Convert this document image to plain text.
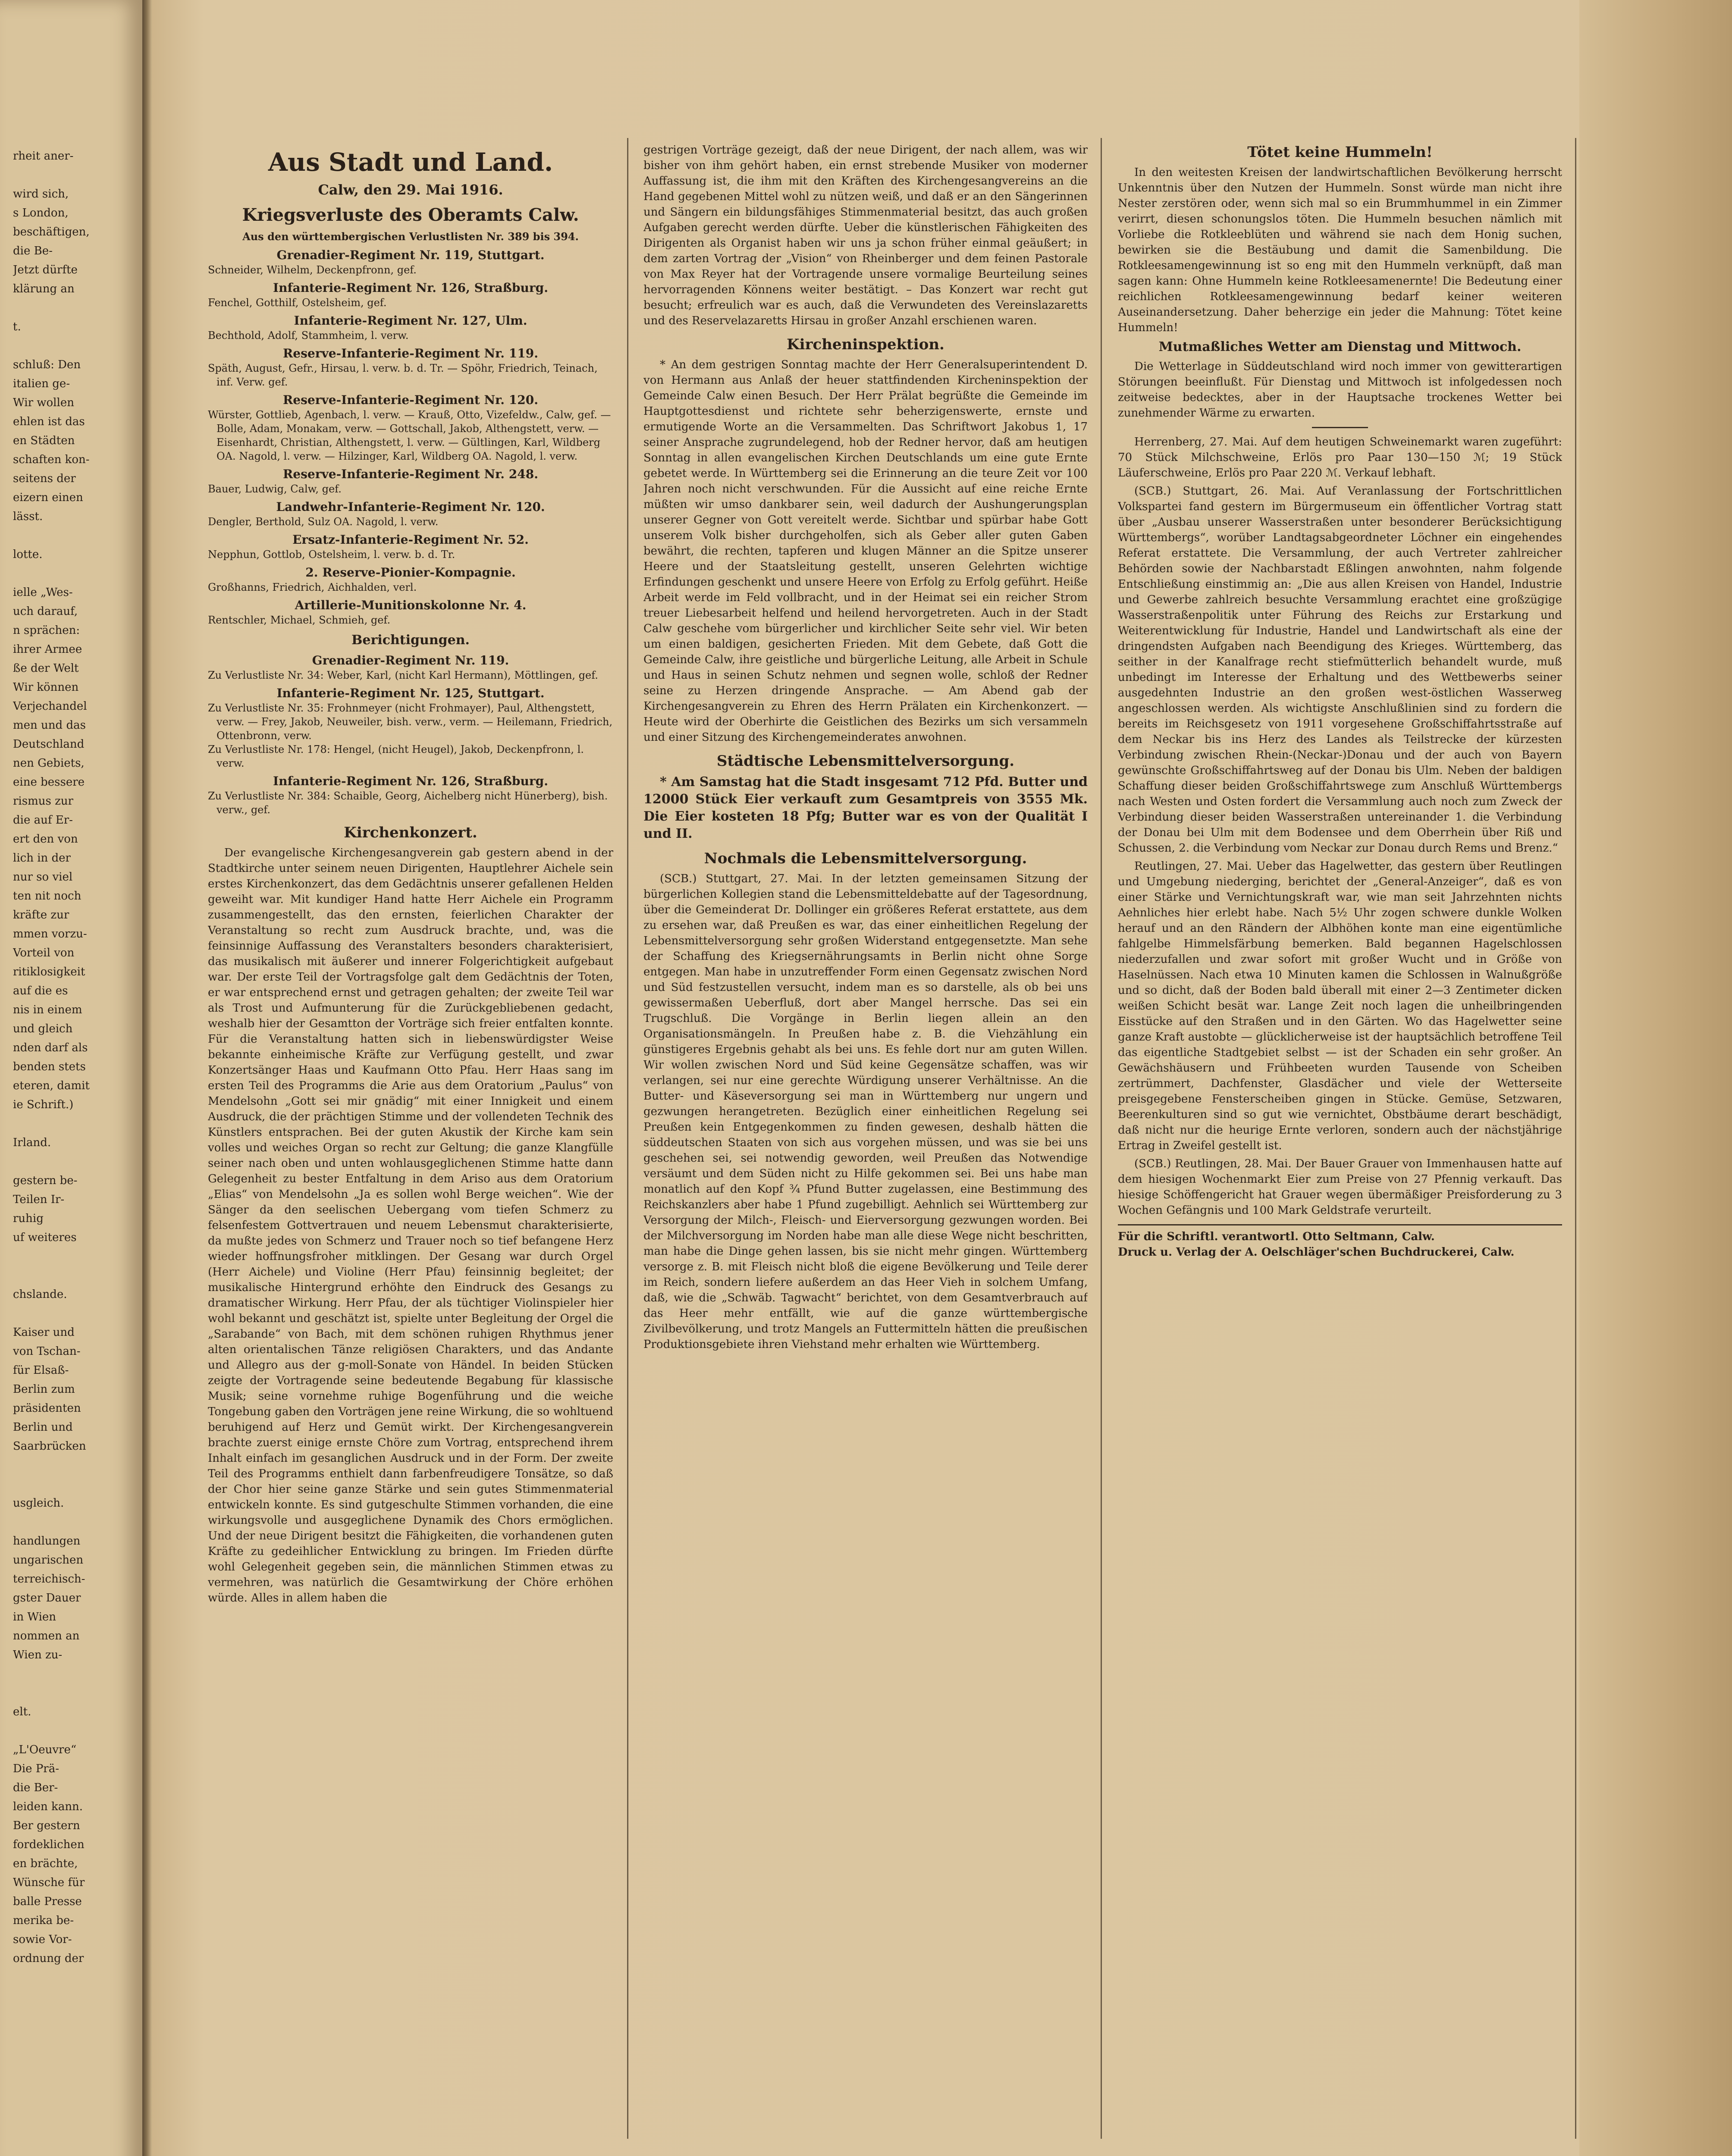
rheit aner-

wird sich,
s London,
beschäftigen,
die Be-
Jetzt dürfte
klärung an

t.

schluß: Den
italien ge-
Wir wollen
ehlen ist das
en Städten
schaften kon-
seitens der
eizern einen
lässt.

lotte.

ielle „Wes-
uch darauf,
n sprächen:
ihrer Armee
ße der Welt
Wir können
Verjechandel
men und das
Deutschland
nen Gebiets,
eine bessere
rismus zur
die auf Er-
ert den von
lich in der
nur so viel
ten nit noch
kräfte zur
mmen vorzu-
Vorteil von
ritiklosigkeit
auf die es
nis in einem
und gleich
nden darf als
benden stets
eteren, damit
ie Schrift.)

Irland.

gestern be-
Teilen Ir-
ruhig
uf weiteres

chslande.

Kaiser und
von Tschan-
für Elsaß-
Berlin zum
präsidenten
Berlin und
Saarbrücken

usgleich.

handlungen
ungarischen
terreichisch-
gster Dauer
in Wien
nommen an
Wien zu-

elt.

„L'Oeuvre“
Die Prä-
die Ber-
leiden kann.
Ber gestern
fordeklichen
en brächte,
Wünsche für
balle Presse
merika be-
sowie Vor-
ordnung der
Aus Stadt und Land.
Calw, den 29. Mai 1916.
Kriegsverluste des Oberamts Calw.
Aus den württembergischen Verlustlisten Nr. 389 bis 394.
Grenadier-Regiment Nr. 119, Stuttgart.
Schneider, Wilhelm, Deckenpfronn, gef.
Infanterie-Regiment Nr. 126, Straßburg.
Fenchel, Gotthilf, Ostelsheim, gef.
Infanterie-Regiment Nr. 127, Ulm.
Bechthold, Adolf, Stammheim, l. verw.
Reserve-Infanterie-Regiment Nr. 119.
Späth, August, Gefr., Hirsau, l. verw. b. d. Tr. — Spöhr, Friedrich, Teinach, inf. Verw. gef.
Reserve-Infanterie-Regiment Nr. 120.
Würster, Gottlieb, Agenbach, l. verw. — Krauß, Otto, Vizefeldw., Calw, gef. — Bolle, Adam, Monakam, verw. — Gottschall, Jakob, Althengstett, verw. — Eisenhardt, Christian, Althengstett, l. verw. — Gültlingen, Karl, Wildberg OA. Nagold, l. verw. — Hilzinger, Karl, Wildberg OA. Nagold, l. verw.
Reserve-Infanterie-Regiment Nr. 248.
Bauer, Ludwig, Calw, gef.
Landwehr-Infanterie-Regiment Nr. 120.
Dengler, Berthold, Sulz OA. Nagold, l. verw.
Ersatz-Infanterie-Regiment Nr. 52.
Nepphun, Gottlob, Ostelsheim, l. verw. b. d. Tr.
2. Reserve-Pionier-Kompagnie.
Großhanns, Friedrich, Aichhalden, verl.
Artillerie-Munitionskolonne Nr. 4.
Rentschler, Michael, Schmieh, gef.
Berichtigungen.
Grenadier-Regiment Nr. 119.
Zu Verlustliste Nr. 34: Weber, Karl, (nicht Karl Hermann), Möttlingen, gef.
Infanterie-Regiment Nr. 125, Stuttgart.
Zu Verlustliste Nr. 35: Frohnmeyer (nicht Frohmayer), Paul, Althengstett, verw. — Frey, Jakob, Neuweiler, bish. verw., verm. — Heilemann, Friedrich, Ottenbronn, verw.
Zu Verlustliste Nr. 178: Hengel, (nicht Heugel), Jakob, Deckenpfronn, l. verw.
Infanterie-Regiment Nr. 126, Straßburg.
Zu Verlustliste Nr. 384: Schaible, Georg, Aichelberg nicht Hünerberg), bish. verw., gef.
Kirchenkonzert.

Der evangelische Kirchengesangverein gab gestern abend in der Stadtkirche unter seinem neuen Dirigenten, Hauptlehrer Aichele sein erstes Kirchenkonzert, das dem Gedächtnis unserer gefallenen Helden geweiht war. Mit kundiger Hand hatte Herr Aichele ein Programm zusammengestellt, das den ernsten, feierlichen Charakter der Veranstaltung so recht zum Ausdruck brachte, und, was die feinsinnige Auffassung des Veranstalters besonders charakterisiert, das musikalisch mit äußerer und innerer Folgerichtigkeit aufgebaut war. Der erste Teil der Vortragsfolge galt dem Gedächtnis der Toten, er war entsprechend ernst und getragen gehalten; der zweite Teil war als Trost und Aufmunterung für die Zurückgebliebenen gedacht, weshalb hier der Gesamtton der Vorträge sich freier entfalten konnte. Für die Veranstaltung hatten sich in liebenswürdigster Weise bekannte einheimische Kräfte zur Verfügung gestellt, und zwar Konzertsänger Haas und Kaufmann Otto Pfau. Herr Haas sang im ersten Teil des Programms die Arie aus dem Oratorium „Paulus“ von Mendelsohn „Gott sei mir gnädig“ mit einer Innigkeit und einem Ausdruck, die der prächtigen Stimme und der vollendeten Technik des Künstlers entsprachen. Bei der guten Akustik der Kirche kam sein volles und weiches Organ so recht zur Geltung; die ganze Klangfülle seiner nach oben und unten wohlausgeglichenen Stimme hatte dann Gelegenheit zu bester Entfaltung in dem Ariso aus dem Oratorium „Elias“ von Mendelsohn „Ja es sollen wohl Berge weichen“. Wie der Sänger da den seelischen Uebergang vom tiefen Schmerz zu felsenfestem Gottvertrauen und neuem Lebensmut charakterisierte, da mußte jedes von Schmerz und Trauer noch so tief befangene Herz wieder hoffnungsfroher mitklingen. Der Gesang war durch Orgel (Herr Aichele) und Violine (Herr Pfau) feinsinnig begleitet; der musikalische Hintergrund erhöhte den Eindruck des Gesangs zu dramatischer Wirkung. Herr Pfau, der als tüchtiger Violinspieler hier wohl bekannt und geschätzt ist, spielte unter Begleitung der Orgel die „Sarabande“ von Bach, mit dem schönen ruhigen Rhythmus jener alten orientalischen Tänze religiösen Charakters, und das Andante und Allegro aus der g-moll-Sonate von Händel. In beiden Stücken zeigte der Vortragende seine bedeutende Begabung für klassische Musik; seine vornehme ruhige Bogenführung und die weiche Tongebung gaben den Vorträgen jene reine Wirkung, die so wohltuend beruhigend auf Herz und Gemüt wirkt. Der Kirchengesangverein brachte zuerst einige ernste Chöre zum Vortrag, entsprechend ihrem Inhalt einfach im gesanglichen Ausdruck und in der Form. Der zweite Teil des Programms enthielt dann farbenfreudigere Tonsätze, so daß der Chor hier seine ganze Stärke und sein gutes Stimmenmaterial entwickeln konnte. Es sind gutgeschulte Stimmen vorhanden, die eine wirkungsvolle und ausgeglichene Dynamik des Chors ermöglichen. Und der neue Dirigent besitzt die Fähigkeiten, die vorhandenen guten Kräfte zu gedeihlicher Entwicklung zu bringen. Im Frieden dürfte wohl Gelegenheit gegeben sein, die männlichen Stimmen etwas zu vermehren, was natürlich die Gesamtwirkung der Chöre erhöhen würde. Alles in allem haben die

gestrigen Vorträge gezeigt, daß der neue Dirigent, der nach allem, was wir bisher von ihm gehört haben, ein ernst strebende Musiker von moderner Auffassung ist, die ihm mit den Kräften des Kirchengesangvereins an die Hand gegebenen Mittel wohl zu nützen weiß, und daß er an den Sängerinnen und Sängern ein bildungsfähiges Stimmenmaterial besitzt, das auch großen Aufgaben gerecht werden dürfte. Ueber die künstlerischen Fähigkeiten des Dirigenten als Organist haben wir uns ja schon früher einmal geäußert; in dem zarten Vortrag der „Vision“ von Rheinberger und dem feinen Pastorale von Max Reyer hat der Vortragende unsere vormalige Beurteilung seines hervorragenden Könnens weiter bestätigt. – Das Konzert war recht gut besucht; erfreulich war es auch, daß die Verwundeten des Vereinslazaretts und des Reservelazaretts Hirsau in großer Anzahl erschienen waren.

Kircheninspektion.

* An dem gestrigen Sonntag machte der Herr Generalsuperintendent D. von Hermann aus Anlaß der heuer stattfindenden Kircheninspektion der Gemeinde Calw einen Besuch. Der Herr Prälat begrüßte die Gemeinde im Hauptgottesdienst und richtete sehr beherzigenswerte, ernste und ermutigende Worte an die Versammelten. Das Schriftwort Jakobus 1, 17 seiner Ansprache zugrundelegend, hob der Redner hervor, daß am heutigen Sonntag in allen evangelischen Kirchen Deutschlands um eine gute Ernte gebetet werde. In Württemberg sei die Erinnerung an die teure Zeit vor 100 Jahren noch nicht verschwunden. Für die Aussicht auf eine reiche Ernte müßten wir umso dankbarer sein, weil dadurch der Aushungerungsplan unserer Gegner von Gott vereitelt werde. Sichtbar und spürbar habe Gott unserem Volk bisher durchgeholfen, sich als Geber aller guten Gaben bewährt, die rechten, tapferen und klugen Männer an die Spitze unserer Heere und der Staatsleitung gestellt, unseren Gelehrten wichtige Erfindungen geschenkt und unsere Heere von Erfolg zu Erfolg geführt. Heiße Arbeit werde im Feld vollbracht, und in der Heimat sei ein reicher Strom treuer Liebesarbeit helfend und heilend hervorgetreten. Auch in der Stadt Calw geschehe vom bürgerlicher und kirchlicher Seite sehr viel. Wir beten um einen baldigen, gesicherten Frieden. Mit dem Gebete, daß Gott die Gemeinde Calw, ihre geistliche und bürgerliche Leitung, alle Arbeit in Schule und Haus in seinen Schutz nehmen und segnen wolle, schloß der Redner seine zu Herzen dringende Ansprache. — Am Abend gab der Kirchengesangverein zu Ehren des Herrn Prälaten ein Kirchenkonzert. — Heute wird der Oberhirte die Geistlichen des Bezirks um sich versammeln und einer Sitzung des Kirchengemeinderates anwohnen.

Städtische Lebensmittelversorgung.

* Am Samstag hat die Stadt insgesamt 712 Pfd. Butter und 12000 Stück Eier verkauft zum Gesamtpreis von 3555 Mk. Die Eier kosteten 18 Pfg; Butter war es von der Qualität I und II.

Nochmals die Lebensmittelversorgung.

(SCB.) Stuttgart, 27. Mai. In der letzten gemeinsamen Sitzung der bürgerlichen Kollegien stand die Lebensmitteldebatte auf der Tagesordnung, über die Gemeinderat Dr. Dollinger ein größeres Referat erstattete, aus dem zu ersehen war, daß Preußen es war, das einer einheitlichen Regelung der Lebensmittelversorgung sehr großen Widerstand entgegensetzte. Man sehe der Schaffung des Kriegsernährungsamts in Berlin nicht ohne Sorge entgegen. Man habe in unzutreffender Form einen Gegensatz zwischen Nord und Süd festzustellen versucht, indem man es so darstelle, als ob bei uns gewissermaßen Ueberfluß, dort aber Mangel herrsche. Das sei ein Trugschluß. Die Vorgänge in Berlin liegen allein an den Organisationsmängeln. In Preußen habe z. B. die Viehzählung ein günstigeres Ergebnis gehabt als bei uns. Es fehle dort nur am guten Willen. Wir wollen zwischen Nord und Süd keine Gegensätze schaffen, was wir verlangen, sei nur eine gerechte Würdigung unserer Verhältnisse. An die Butter- und Käseversorgung sei man in Württemberg nur ungern und gezwungen herangetreten. Bezüglich einer einheitlichen Regelung sei Preußen kein Entgegenkommen zu finden gewesen, deshalb hätten die süddeutschen Staaten von sich aus vorgehen müssen, und was sie bei uns geschehen sei, sei notwendig geworden, weil Preußen das Notwendige versäumt und dem Süden nicht zu Hilfe gekommen sei. Bei uns habe man monatlich auf den Kopf ¾ Pfund Butter zugelassen, eine Bestimmung des Reichskanzlers aber habe 1 Pfund zugebilligt. Aehnlich sei Württemberg zur Versorgung der Milch-, Fleisch- und Eierversorgung gezwungen worden. Bei der Milchversorgung im Norden habe man alle diese Wege nicht beschritten, man habe die Dinge gehen lassen, bis sie nicht mehr gingen. Württemberg versorge z. B. mit Fleisch nicht bloß die eigene Bevölkerung und Teile derer im Reich, sondern liefere außerdem an das Heer Vieh in solchem Umfang, daß, wie die „Schwäb. Tagwacht“ berichtet, von dem Gesamtverbrauch auf das Heer mehr entfällt, wie auf die ganze württembergische Zivilbevölkerung, und trotz Mangels an Futtermitteln hätten die preußischen Produktionsgebiete ihren Viehstand mehr erhalten wie Württemberg.

Tötet keine Hummeln!

In den weitesten Kreisen der landwirtschaftlichen Bevölkerung herrscht Unkenntnis über den Nutzen der Hummeln. Sonst würde man nicht ihre Nester zerstören oder, wenn sich mal so ein Brummhummel in ein Zimmer verirrt, diesen schonungslos töten. Die Hummeln besuchen nämlich mit Vorliebe die Rotkleeblüten und während sie nach dem Honig suchen, bewirken sie die Bestäubung und damit die Samenbildung. Die Rotkleesamengewinnung ist so eng mit den Hummeln verknüpft, daß man sagen kann: Ohne Hummeln keine Rotkleesamenernte! Die Bedeutung einer reichlichen Rotkleesamengewinnung bedarf keiner weiteren Auseinandersetzung. Daher beherzige ein jeder die Mahnung: Tötet keine Hummeln!

Mutmaßliches Wetter am Dienstag und Mittwoch.

Die Wetterlage in Süddeutschland wird noch immer von gewitterartigen Störungen beeinflußt. Für Dienstag und Mittwoch ist infolgedessen noch zeitweise bedecktes, aber in der Hauptsache trockenes Wetter bei zunehmender Wärme zu erwarten.

Herrenberg, 27. Mai. Auf dem heutigen Schweinemarkt waren zugeführt: 70 Stück Milchschweine, Erlös pro Paar 130—150 ℳ; 19 Stück Läuferschweine, Erlös pro Paar 220 ℳ. Verkauf lebhaft.

(SCB.) Stuttgart, 26. Mai. Auf Veranlassung der Fortschrittlichen Volkspartei fand gestern im Bürgermuseum ein öffentlicher Vortrag statt über „Ausbau unserer Wasserstraßen unter besonderer Berücksichtigung Württembergs“, worüber Landtagsabgeordneter Löchner ein eingehendes Referat erstattete. Die Versammlung, der auch Vertreter zahlreicher Behörden sowie der Nachbarstadt Eßlingen anwohnten, nahm folgende Entschließung einstimmig an: „Die aus allen Kreisen von Handel, Industrie und Gewerbe zahlreich besuchte Versammlung erachtet eine großzügige Wasserstraßenpolitik unter Führung des Reichs zur Erstarkung und Weiterentwicklung für Industrie, Handel und Landwirtschaft als eine der dringendsten Aufgaben nach Beendigung des Krieges. Württemberg, das seither in der Kanalfrage recht stiefmütterlich behandelt wurde, muß unbedingt im Interesse der Erhaltung und des Wettbewerbs seiner ausgedehnten Industrie an den großen west-östlichen Wasserweg angeschlossen werden. Als wichtigste Anschlußlinien sind zu fordern die bereits im Reichsgesetz von 1911 vorgesehene Großschiffahrtsstraße auf dem Neckar bis ins Herz des Landes als Teilstrecke der kürzesten Verbindung zwischen Rhein-(Neckar-)Donau und der auch von Bayern gewünschte Großschiffahrtsweg auf der Donau bis Ulm. Neben der baldigen Schaffung dieser beiden Großschiffahrtswege zum Anschluß Württembergs nach Westen und Osten fordert die Versammlung auch noch zum Zweck der Verbindung dieser beiden Wasserstraßen untereinander 1. die Verbindung der Donau bei Ulm mit dem Bodensee und dem Oberrhein über Riß und Schussen, 2. die Verbindung vom Neckar zur Donau durch Rems und Brenz.“

Reutlingen, 27. Mai. Ueber das Hagelwetter, das gestern über Reutlingen und Umgebung niederging, berichtet der „General-Anzeiger“, daß es von einer Stärke und Vernichtungskraft war, wie man seit Jahrzehnten nichts Aehnliches hier erlebt habe. Nach 5½ Uhr zogen schwere dunkle Wolken herauf und an den Rändern der Albhöhen konte man eine eigentümliche fahlgelbe Himmelsfärbung bemerken. Bald begannen Hagelschlossen niederzufallen und zwar sofort mit großer Wucht und in Größe von Haselnüssen. Nach etwa 10 Minuten kamen die Schlossen in Walnußgröße und so dicht, daß der Boden bald überall mit einer 2—3 Zentimeter dicken weißen Schicht besät war. Lange Zeit noch lagen die unheilbringenden Eisstücke auf den Straßen und in den Gärten. Wo das Hagelwetter seine ganze Kraft austobte — glücklicherweise ist der hauptsächlich betroffene Teil das eigentliche Stadtgebiet selbst — ist der Schaden ein sehr großer. An Gewächshäusern und Frühbeeten wurden Tausende von Scheiben zertrümmert, Dachfenster, Glasdächer und viele der Wetterseite preisgegebene Fensterscheiben gingen in Stücke. Gemüse, Setzwaren, Beerenkulturen sind so gut wie vernichtet, Obstbäume derart beschädigt, daß nicht nur die heurige Ernte verloren, sondern auch der nächstjährige Ertrag in Zweifel gestellt ist.

(SCB.) Reutlingen, 28. Mai. Der Bauer Grauer von Immenhausen hatte auf dem hiesigen Wochenmarkt Eier zum Preise von 27 Pfennig verkauft. Das hiesige Schöffengericht hat Grauer wegen übermäßiger Preisforderung zu 3 Wochen Gefängnis und 100 Mark Geldstrafe verurteilt.

Für die Schriftl. verantwortl. Otto Seltmann, Calw.
Druck u. Verlag der A. Oelschläger'schen Buchdruckerei, Calw.
